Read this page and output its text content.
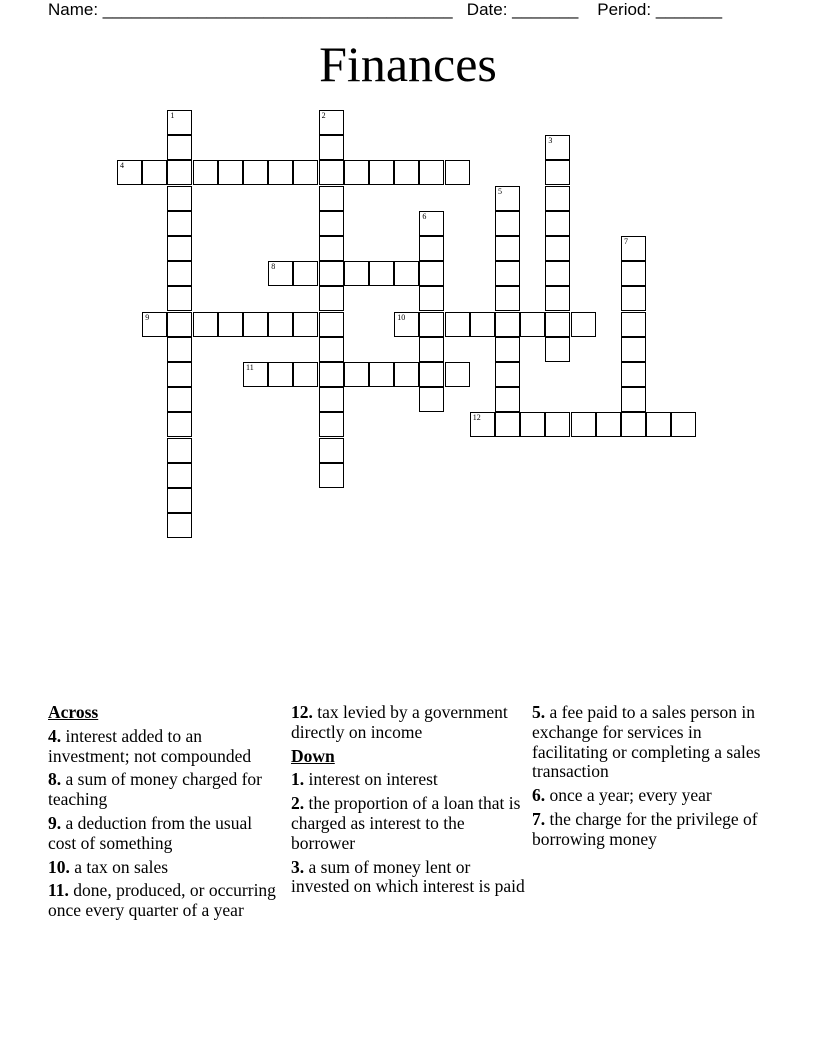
Name: _____________________________________ Date: _______ Period: _______
Finances
1	2
3
4
5
6
7
8
9	10
11
12
Across
4. interest added to an investment; not compounded
8. a sum of money charged for teaching
9. a deduction from the usual cost of something
10. a tax on sales
11. done, produced, or occurring once every quarter of a year
12. tax levied by a government directly on income
Down
1. interest on interest
2. the proportion of a loan that is charged as interest to the borrower
3. a sum of money lent or invested on which interest is paid
5. a fee paid to a sales person in exchange for services in facilitating or completing a sales transaction
6. once a year; every year
7. the charge for the privilege of borrowing money
